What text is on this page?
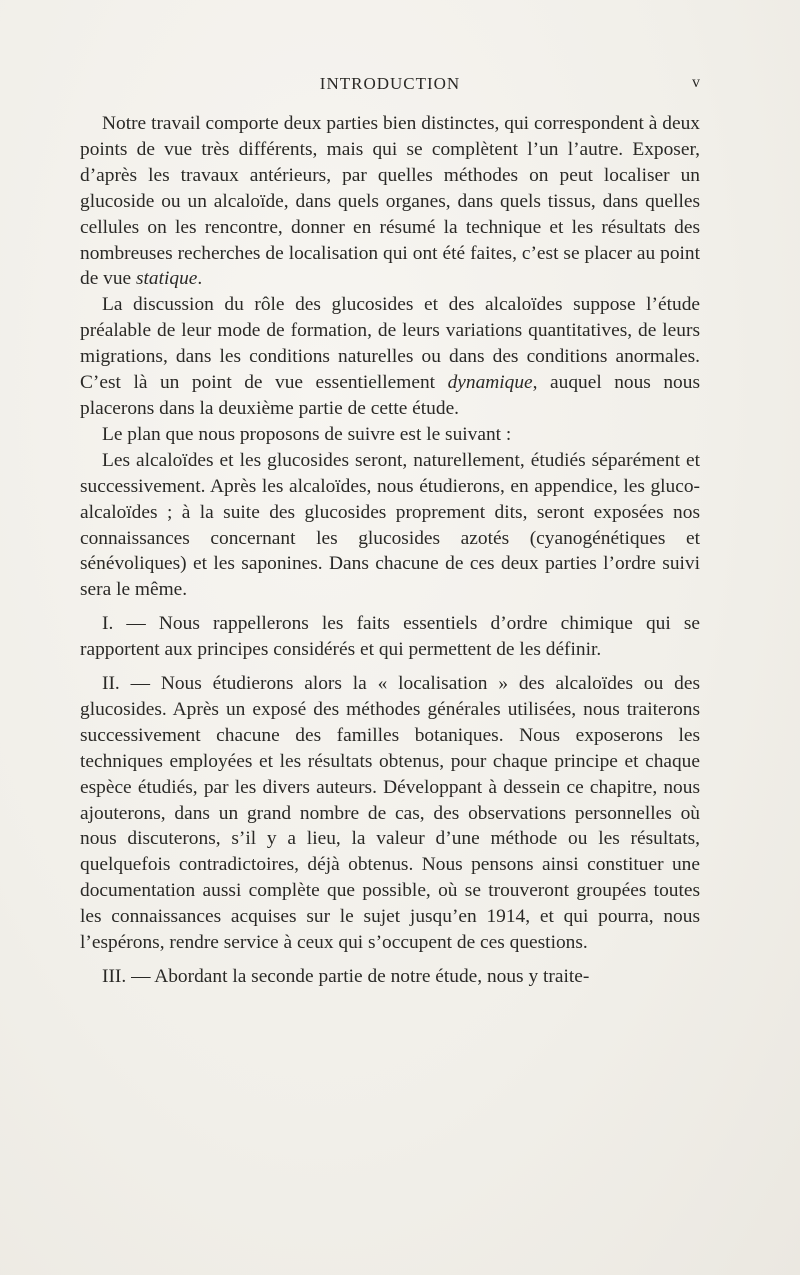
INTRODUCTION	v

Notre travail comporte deux parties bien distinctes, qui correspondent à deux points de vue très différents, mais qui se complètent l’un l’autre. Exposer, d’après les travaux antérieurs, par quelles méthodes on peut localiser un glucoside ou un alcaloïde, dans quels organes, dans quels tissus, dans quelles cellules on les rencontre, donner en résumé la technique et les résultats des nombreuses recherches de localisation qui ont été faites, c’est se placer au point de vue statique.

La discussion du rôle des glucosides et des alcaloïdes suppose l’étude préalable de leur mode de formation, de leurs variations quantitatives, de leurs migrations, dans les conditions naturelles ou dans des conditions anormales. C’est là un point de vue essentiellement dynamique, auquel nous nous placerons dans la deuxième partie de cette étude.

Le plan que nous proposons de suivre est le suivant :

Les alcaloïdes et les glucosides seront, naturellement, étudiés séparément et successivement. Après les alcaloïdes, nous étudierons, en appendice, les gluco-alcaloïdes ; à la suite des glucosides proprement dits, seront exposées nos connaissances concernant les glucosides azotés (cyanogénétiques et sénévoliques) et les saponines. Dans chacune de ces deux parties l’ordre suivi sera le même.

I. — Nous rappellerons les faits essentiels d’ordre chimique qui se rapportent aux principes considérés et qui permettent de les définir.

II. — Nous étudierons alors la « localisation » des alcaloïdes ou des glucosides. Après un exposé des méthodes générales utilisées, nous traiterons successivement chacune des familles botaniques. Nous exposerons les techniques employées et les résultats obtenus, pour chaque principe et chaque espèce étudiés, par les divers auteurs. Développant à dessein ce chapitre, nous ajouterons, dans un grand nombre de cas, des observations personnelles où nous discuterons, s’il y a lieu, la valeur d’une méthode ou les résultats, quelquefois contradictoires, déjà obtenus. Nous pensons ainsi constituer une documentation aussi complète que possible, où se trouveront groupées toutes les connaissances acquises sur le sujet jusqu’en 1914, et qui pourra, nous l’espérons, rendre service à ceux qui s’occupent de ces questions.

III. — Abordant la seconde partie de notre étude, nous y traite-
